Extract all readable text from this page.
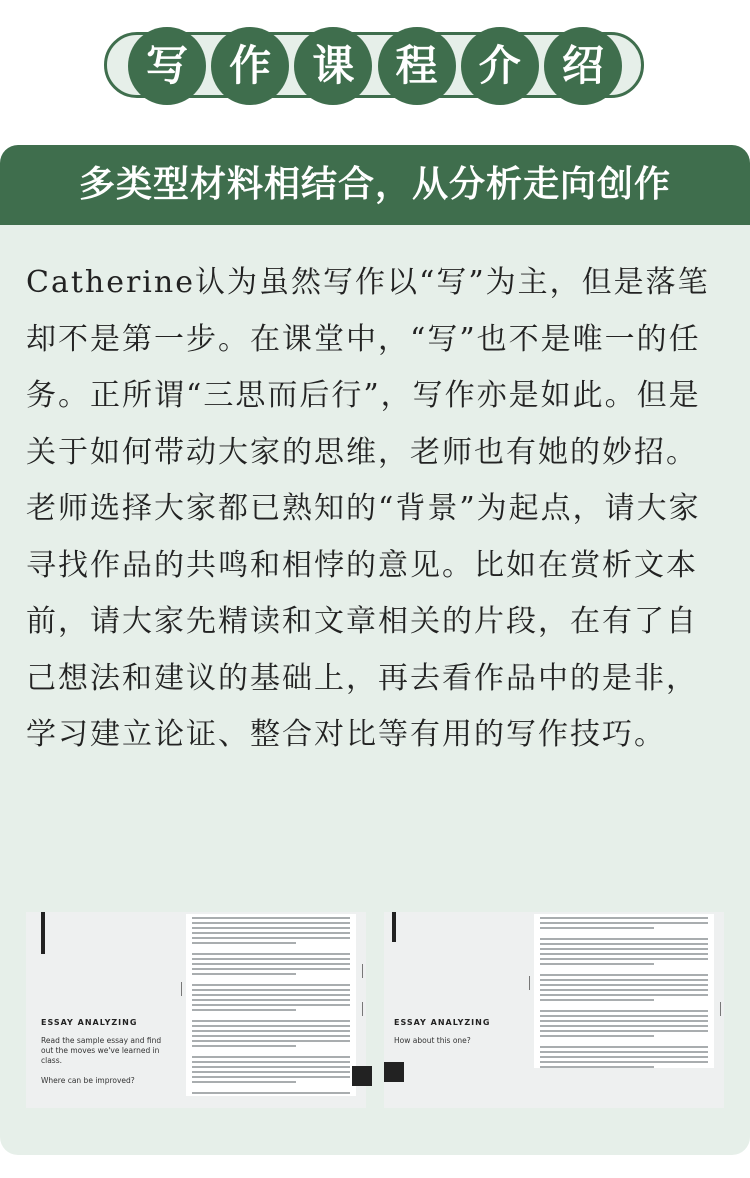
写 作 课 程 介 绍
多类型材料相结合，从分析走向创作

Catherine认为虽然写作以“写”为主，但是落笔却不是第一步。在课堂中，“写”也不是唯一的任务。正所谓“三思而后行”，写作亦是如此。但是关于如何带动大家的思维，老师也有她的妙招。老师选择大家都已熟知的“背景”为起点，请大家寻找作品的共鸣和相悖的意见。比如在赏析文本前，请大家先精读和文章相关的片段，在有了自己想法和建议的基础上，再去看作品中的是非，学习建立论证、整合对比等有用的写作技巧。

ESSAY ANALYZING
Read the sample essay and find out the moves we've learned in class.
Where can be improved?
ESSAY ANALYZING
How about this one?
